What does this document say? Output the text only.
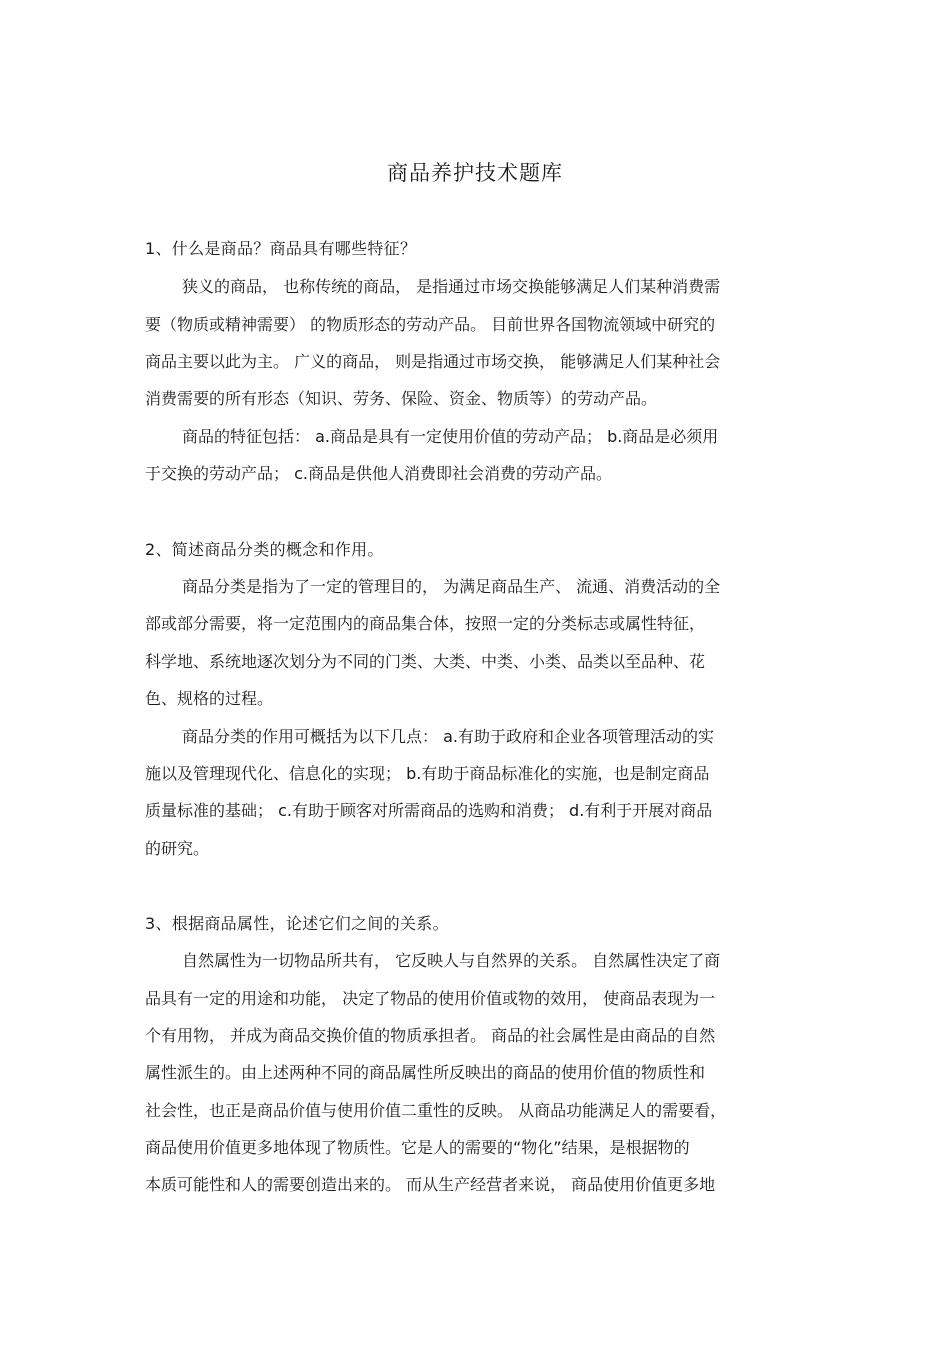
商品养护技术题库
1、什么是商品？商品具有哪些特征？
狭义的商品， 也称传统的商品， 是指通过市场交换能够满足人们某种消费需
要（物质或精神需要） 的物质形态的劳动产品。 目前世界各国物流领域中研究的
商品主要以此为主。 广义的商品， 则是指通过市场交换， 能够满足人们某种社会
消费需要的所有形态（知识、劳务、保险、资金、物质等）的劳动产品。
商品的特征包括： a.商品是具有一定使用价值的劳动产品； b.商品是必须用
于交换的劳动产品； c.商品是供他人消费即社会消费的劳动产品。
2、简述商品分类的概念和作用。
商品分类是指为了一定的管理目的， 为满足商品生产、 流通、消费活动的全
部或部分需要，将一定范围内的商品集合体，按照一定的分类标志或属性特征，
科学地、系统地逐次划分为不同的门类、大类、中类、小类、品类以至品种、花
色、规格的过程。
商品分类的作用可概括为以下几点： a.有助于政府和企业各项管理活动的实
施以及管理现代化、信息化的实现； b.有助于商品标准化的实施，也是制定商品
质量标准的基础； c.有助于顾客对所需商品的选购和消费； d.有利于开展对商品
的研究。
3、根据商品属性，论述它们之间的关系。
自然属性为一切物品所共有， 它反映人与自然界的关系。 自然属性决定了商
品具有一定的用途和功能， 决定了物品的使用价值或物的效用， 使商品表现为一
个有用物， 并成为商品交换价值的物质承担者。 商品的社会属性是由商品的自然
属性派生的。由上述两种不同的商品属性所反映出的商品的使用价值的物质性和
社会性，也正是商品价值与使用价值二重性的反映。 从商品功能满足人的需要看，
商品使用价值更多地体现了物质性。它是人的需要的“物化”结果，是根据物的
本质可能性和人的需要创造出来的。 而从生产经营者来说， 商品使用价值更多地
